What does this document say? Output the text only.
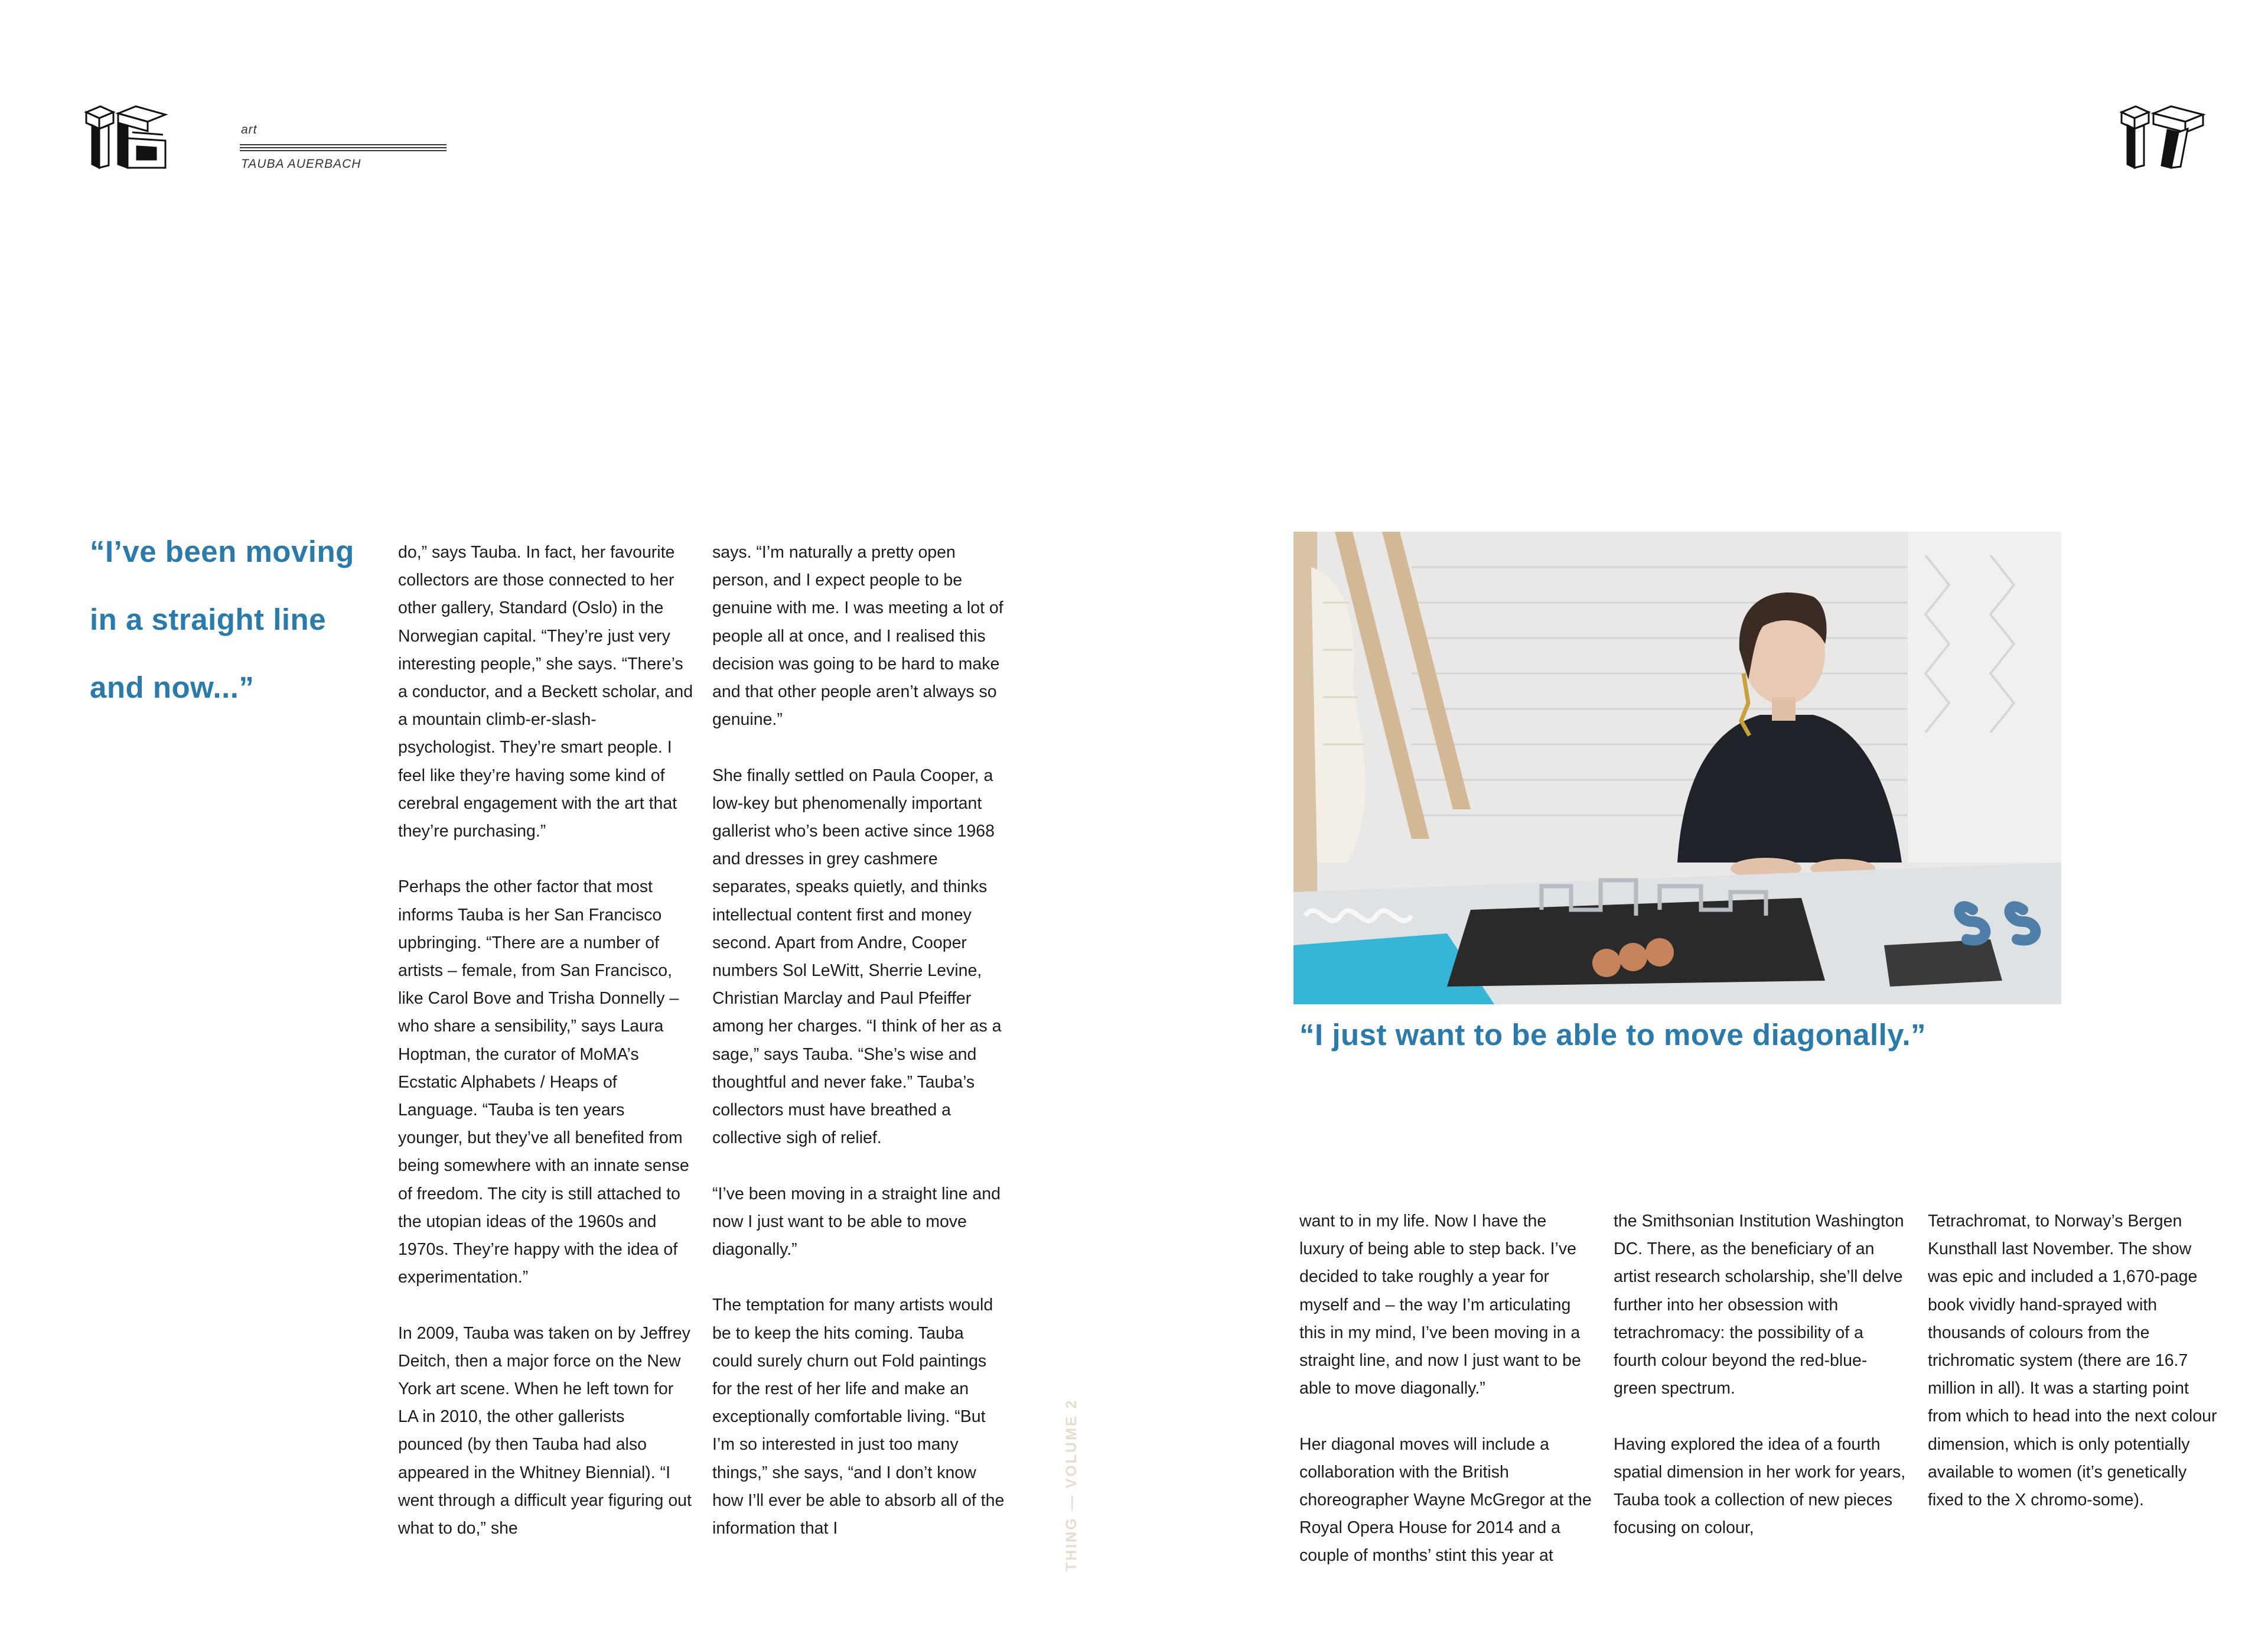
art
TAUBA AUERBACH
“I’ve been moving
in a straight line
and now...”

do,” says Tauba. In fact, her favourite collectors are those connected to her other gallery, Standard (Oslo) in the Norwegian capital. “They’re just very interesting people,” she says. “There’s a conductor, and a Beckett scholar, and a mountain climb-er-slash-psychologist. They’re smart people. I feel like they’re having some kind of cerebral engagement with the art that they’re purchasing.”

Perhaps the other factor that most informs Tauba is her San Francisco upbringing. “There are a number of artists – female, from San Francisco, like Carol Bove and Trisha Donnelly – who share a sensibility,” says Laura Hoptman, the curator of MoMA’s Ecstatic Alphabets / Heaps of Language. “Tauba is ten years younger, but they’ve all benefited from being somewhere with an innate sense of freedom. The city is still attached to the utopian ideas of the 1960s and 1970s. They’re happy with the idea of experimentation.”

In 2009, Tauba was taken on by Jeffrey Deitch, then a major force on the New York art scene. When he left town for LA in 2010, the other gallerists pounced (by then Tauba had also appeared in the Whitney Biennial). “I went through a difficult year figuring out what to do,” she

says. “I’m naturally a pretty open person, and I expect people to be genuine with me. I was meeting a lot of people all at once, and I realised this decision was going to be hard to make and that other people aren’t always so genuine.”

She finally settled on Paula Cooper, a low-key but phenomenally important gallerist who’s been active since 1968 and dresses in grey cashmere separates, speaks quietly, and thinks intellectual content first and money second. Apart from Andre, Cooper numbers Sol LeWitt, Sherrie Levine, Christian Marclay and Paul Pfeiffer among her charges. “I think of her as a sage,” says Tauba. “She’s wise and thoughtful and never fake.” Tauba’s collectors must have breathed a collective sigh of relief.

“I’ve been moving in a straight line and now I just want to be able to move diagonally.”

The temptation for many artists would be to keep the hits coming. Tauba could surely churn out Fold paintings for the rest of her life and make an exceptionally comfortable living. “But I’m so interested in just too many things,” she says, “and I don’t know how I’ll ever be able to absorb all of the information that I	THING — VOLUME 2
“I just want to be able to move diagonally.”

want to in my life. Now I have the luxury of being able to step back. I’ve decided to take roughly a year for myself and – the way I’m articulating this in my mind, I’ve been moving in a straight line, and now I just want to be able to move diagonally.”

Her diagonal moves will include a collaboration with the British choreographer Wayne McGregor at the Royal Opera House for 2014 and a couple of months’ stint this year at

the Smithsonian Institution Washington DC. There, as the beneficiary of an artist research scholarship, she’ll delve further into her obsession with tetrachromacy: the possibility of a fourth colour beyond the red-blue-green spectrum.

Having explored the idea of a fourth spatial dimension in her work for years, Tauba took a collection of new pieces focusing on colour,

Tetrachromat, to Norway’s Bergen Kunsthall last November. The show was epic and included a 1,670-page book vividly hand-sprayed with thousands of colours from the trichromatic system (there are 16.7 million in all). It was a starting point from which to head into the next colour dimension, which is only potentially available to women (it’s genetically fixed to the X chromo-some).
